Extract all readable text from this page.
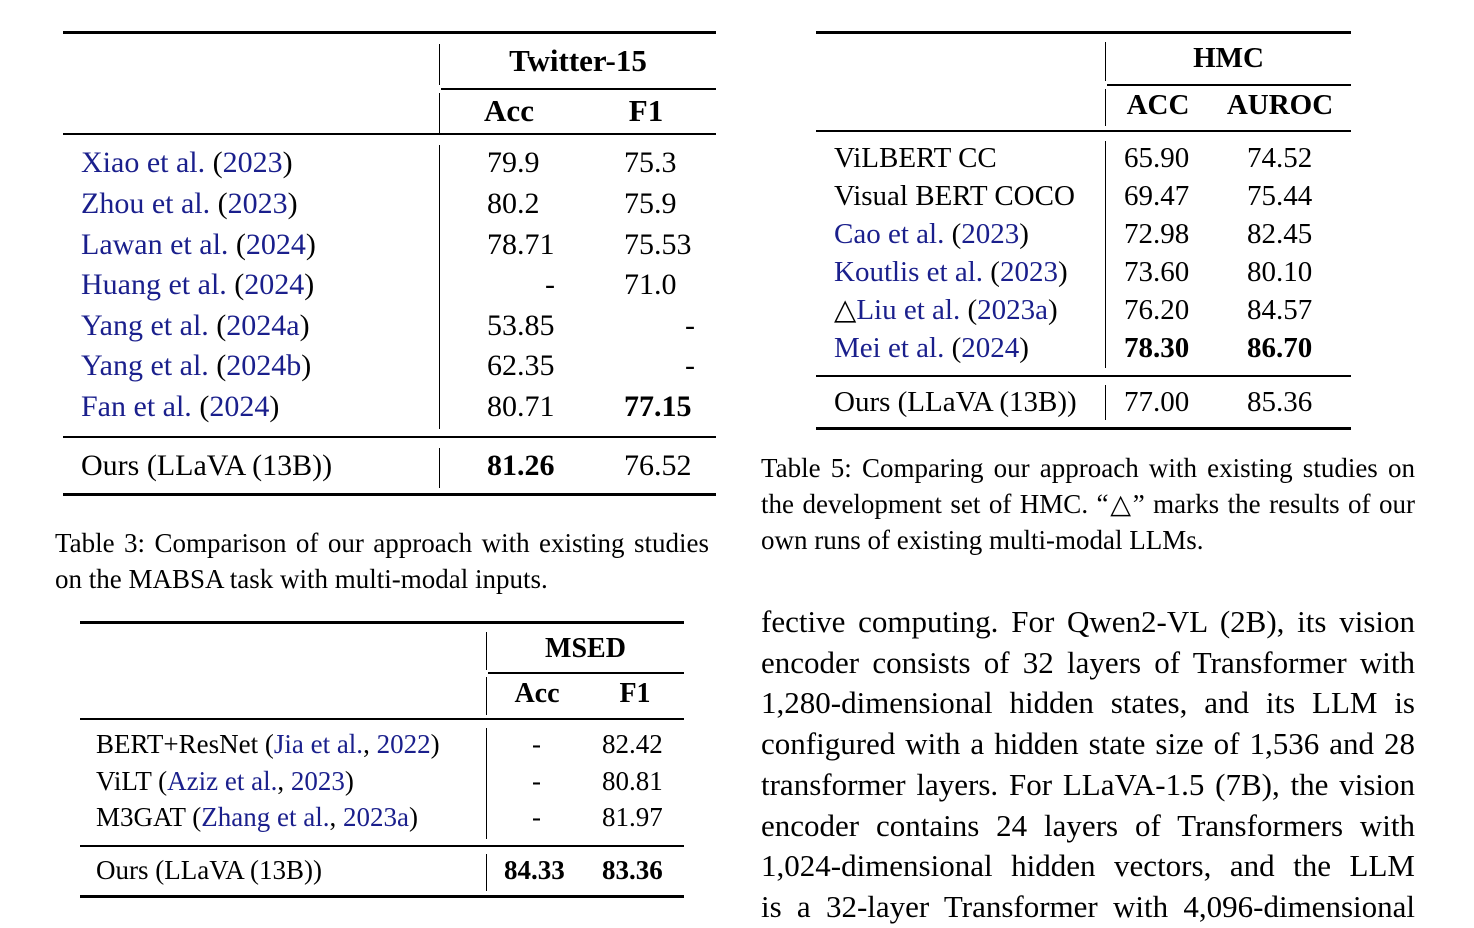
Twitter-15
Acc	F1
Xiao et al. (2023)	79.9	75.3
Zhou et al. (2023)	80.2	75.9
Lawan et al. (2024)	78.71 75.53
Huang et al. (2024)	- 71.0
Yang et al. (2024a)	53.85	-
Yang et al. (2024b)	62.35	-
Fan et al. (2024)	80.71 77.15
Ours (LLaVA (13B))	81.26 76.52
Table 3: Comparison of our approach with existing studies on the MABSA task with multi-modal inputs.
MSED
Acc	F1
BERT+ResNet (Jia et al., 2022)	- 82.42
ViLT (Aziz et al., 2023)	- 80.81
M3GAT (Zhang et al., 2023a)	- 81.97
Ours (LLaVA (13B))	84.33 83.36
HMC
ACC AUROC
ViLBERT CC	65.90 74.52
Visual BERT COCO 69.47 75.44
Cao et al. (2023)	72.98 82.45
Koutlis et al. (2023) 73.60 80.10
△Liu et al. (2023a) 76.20 84.57
Mei et al. (2024)	78.30 86.70
Ours (LLaVA (13B)) 77.00 85.36
Table 5: Comparing our approach with existing studies on the development set of HMC. “△” marks the results of our own runs of existing multi-modal LLMs.
fective computing. For Qwen2-VL (2B), its vision
encoder consists of 32 layers of Transformer with
1,280-dimensional hidden states, and its LLM is
configured with a hidden state size of 1,536 and 28
transformer layers. For LLaVA-1.5 (7B), the vision
encoder contains 24 layers of Transformers with
1,024-dimensional hidden vectors, and the LLM
is a 32-layer Transformer with 4,096-dimensional
